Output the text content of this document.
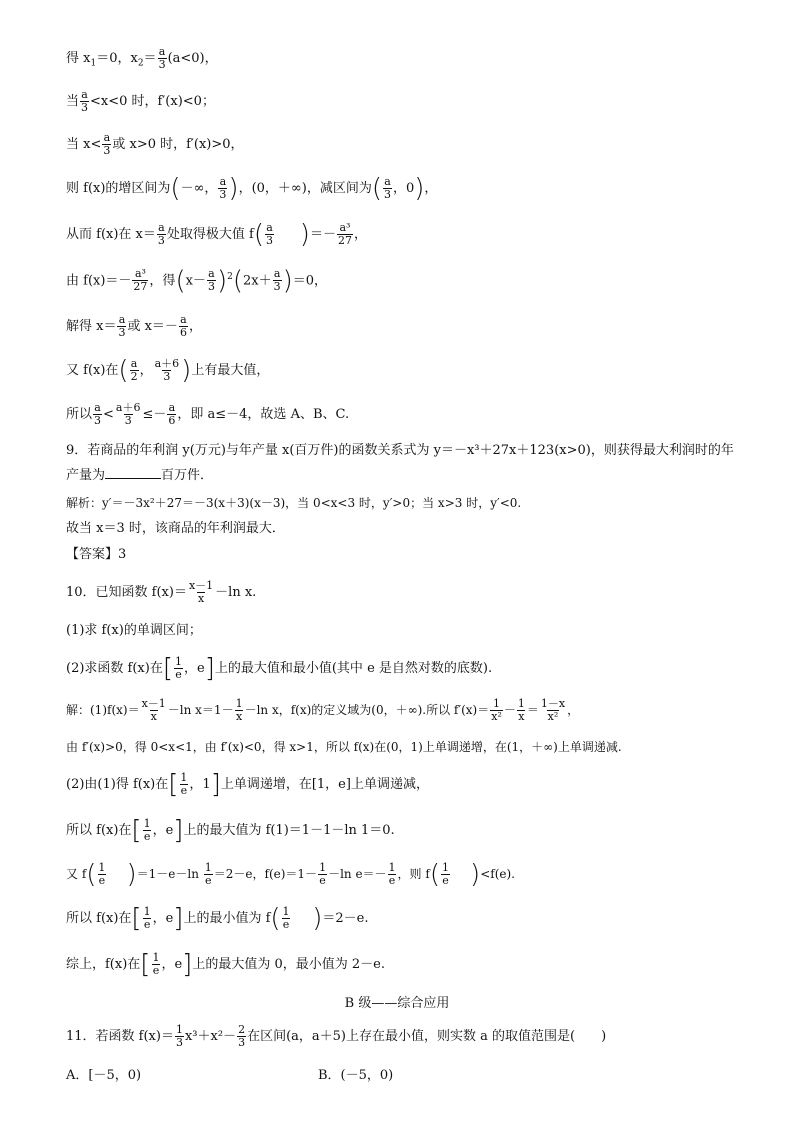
得 $x_1=0$，$x_2= \frac{a}{3} (a<0)$，
当 $\frac{a}{3} <x<0$ 时，f′(x)<0；
当 $x< \frac{a}{3}$ 或 x>0 时，f′(x)>0，
则 f(x)的增区间为(－∞， $\frac{a}{3}$ )，(0，＋∞)，减区间为( $\frac{a}{3}$ ，0)，
从而 f(x)在 $x= \frac{a}{3}$ 处取得极大值 $f( \frac{a}{3}$ )＝－ $\frac{\text{a³}}{27}$ ，
由 $f(x)=- \frac{\text{a³}}{27}$ ，得$(x- \frac{a}{3} )^2(2x+ \frac{a}{3} )=0$，
解得 $x= \frac{a}{3}$ 或 $x=- \frac{a}{6}$ ，
又 f(x)在( $\frac{a}{2}$ ， $\frac{a+6}{3}$ )上有最大值，
所以 $\frac{a}{3} < \frac{a+6}{3} \le- \frac{a}{6}$ ，即 a≤－4，故选 A、B、C.
9．若商品的年利润 y(万元)与年产量 x(百万件)的函数关系式为 y＝－x³＋27x＋123(x>0)，则获得最大利润时的年
产量为	百万件．
解析：y′＝－3x²＋27＝－3(x＋3)(x－3)，当 0<x<3 时，y′>0；当 x>3 时，y′<0.
故当 x＝3 时，该商品的年利润最大．
【答案】3
10．已知函数 $f(x)= \frac{x-1}{x} -\ln$ x.
(1)求 f(x)的单调区间；
(2)求函数 f(x)在[ $\frac{1}{e}$ ，e]上的最大值和最小值(其中 e 是自然对数的底数).
解：$(1)f(x)= \frac{x-1}{x} -\ln$ $x=1- \frac{1}{x} -\ln$ x，f(x)的定义域为(0，＋∞).所以 $f'(x)= \frac{1}{\text{x²}} - \frac{1}{x} = \frac{1-x}{\text{x²}}$ ，
由 f′(x)>0，得 0<x<1，由 f′(x)<0，得 x>1，所以 f(x)在(0，1)上单调递增，在(1，＋∞)上单调递减.
(2)由(1)得 f(x)在[ $\frac{1}{e}$ ，1]上单调递增，在[1，e]上单调递减，
所以 f(x)在[ $\frac{1}{e}$ ，e]上的最大值为 f(1)＝1－1－ln 1＝0.
又 $f( \frac{1}{e} )=1-e-\ln \frac{1}{e} =2-e$，$f(e)=1- \frac{1}{e} -\ln$ $e=- \frac{1}{e}$ ，则 $f( \frac{1}{e} )<f(e)$.
所以 f(x)在[ $\frac{1}{e}$ ，e]上的最小值为 $f( \frac{1}{e} )=2-e$.
综上，f(x)在[ $\frac{1}{e}$ ，e]上的最大值为 0，最小值为 2－e.
B 级——综合应用
11．若函数 $f(x)= \frac{1}{3} x^3+x^2- \frac{2}{3}$ 在区间(a，a＋5)上存在最小值，则实数 a 的取值范围是(　　)
A．[－5，0)	B．(－5，0)
